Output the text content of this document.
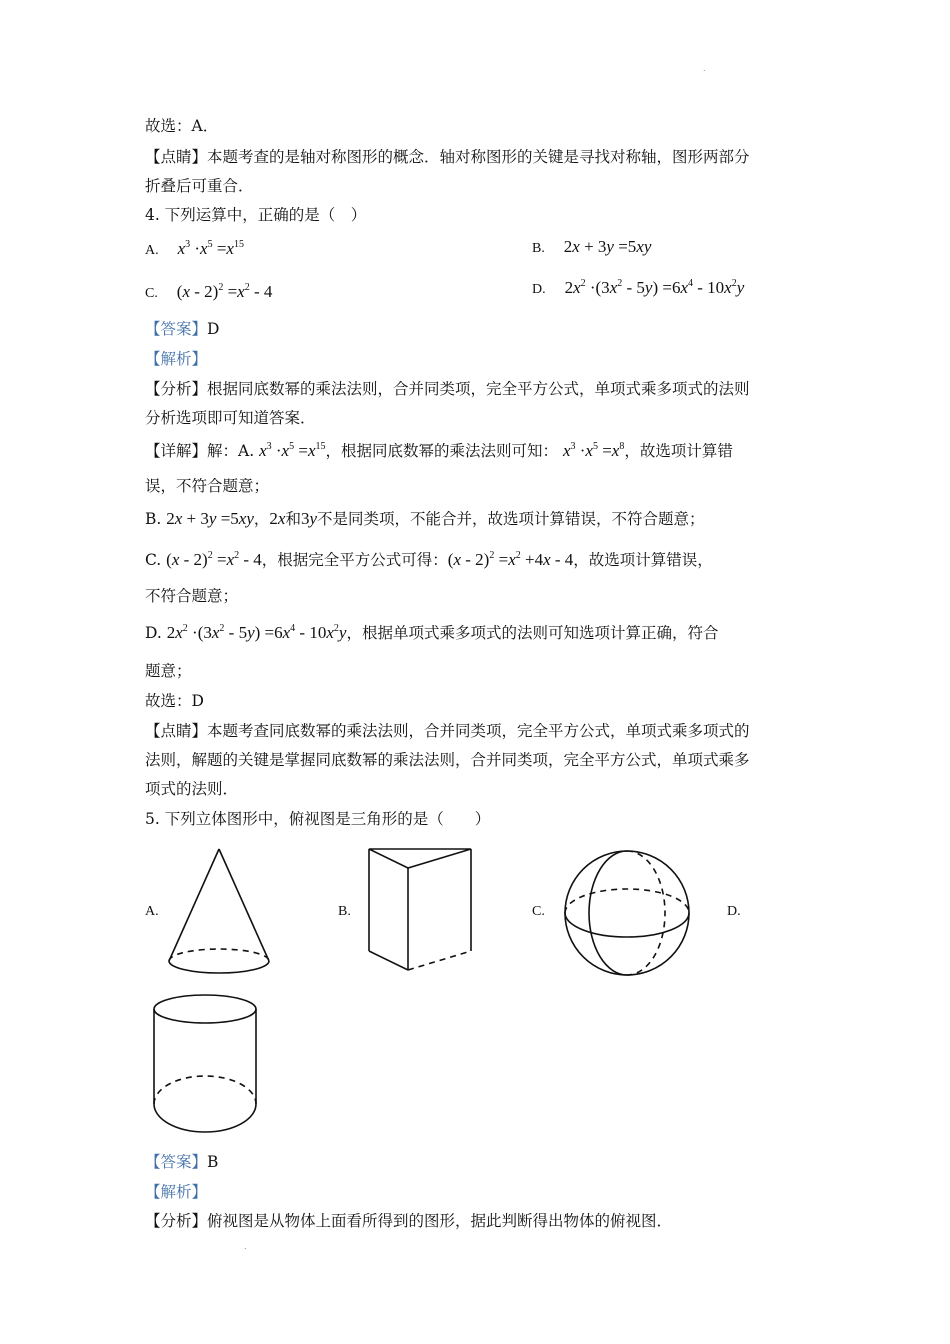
.
故选：A．
【点睛】本题考查的是轴对称图形的概念．轴对称图形的关键是寻找对称轴，图形两部分
折叠后可重合．
4. 下列运算中，正确的是（　）
A. $x^3 \cdot x^5 =x^{15}$	B. 2x + 3y =5xy
C. $(x - 2)^2 =x^2 - 4$	D. $2x^2 \cdot(3x^2 - 5y) =6x^4 - 10x^2y$
【答案】D
【解析】
【分析】根据同底数幂的乘法法则，合并同类项，完全平方公式，单项式乘多项式的法则
分析选项即可知道答案．
【详解】解：A. $x^3 \cdot x^5 =x^{15}$，根据同底数幂的乘法法则可知： $x^3 \cdot x^5 =x^8$，故选项计算错
误，不符合题意；
B. 2x + 3y =5xy，2x和3y不是同类项，不能合并，故选项计算错误，不符合题意；
C. $(x - 2)^2 =x^2 - 4$，根据完全平方公式可得：$(x - 2)^2 =x^2 +4x - 4$，故选项计算错误，
不符合题意；
D. $2x^2 \cdot(3x^2 - 5y) =6x^4 - 10x^2y$，根据单项式乘多项式的法则可知选项计算正确，符合
题意；
故选：D
【点睛】本题考查同底数幂的乘法法则，合并同类项，完全平方公式，单项式乘多项式的
法则，解题的关键是掌握同底数幂的乘法法则，合并同类项，完全平方公式，单项式乘多
项式的法则．
5. 下列立体图形中，俯视图是三角形的是（　　）
A.	B.	C.	D.
【答案】B
【解析】
【分析】俯视图是从物体上面看所得到的图形，据此判断得出物体的俯视图．
.
